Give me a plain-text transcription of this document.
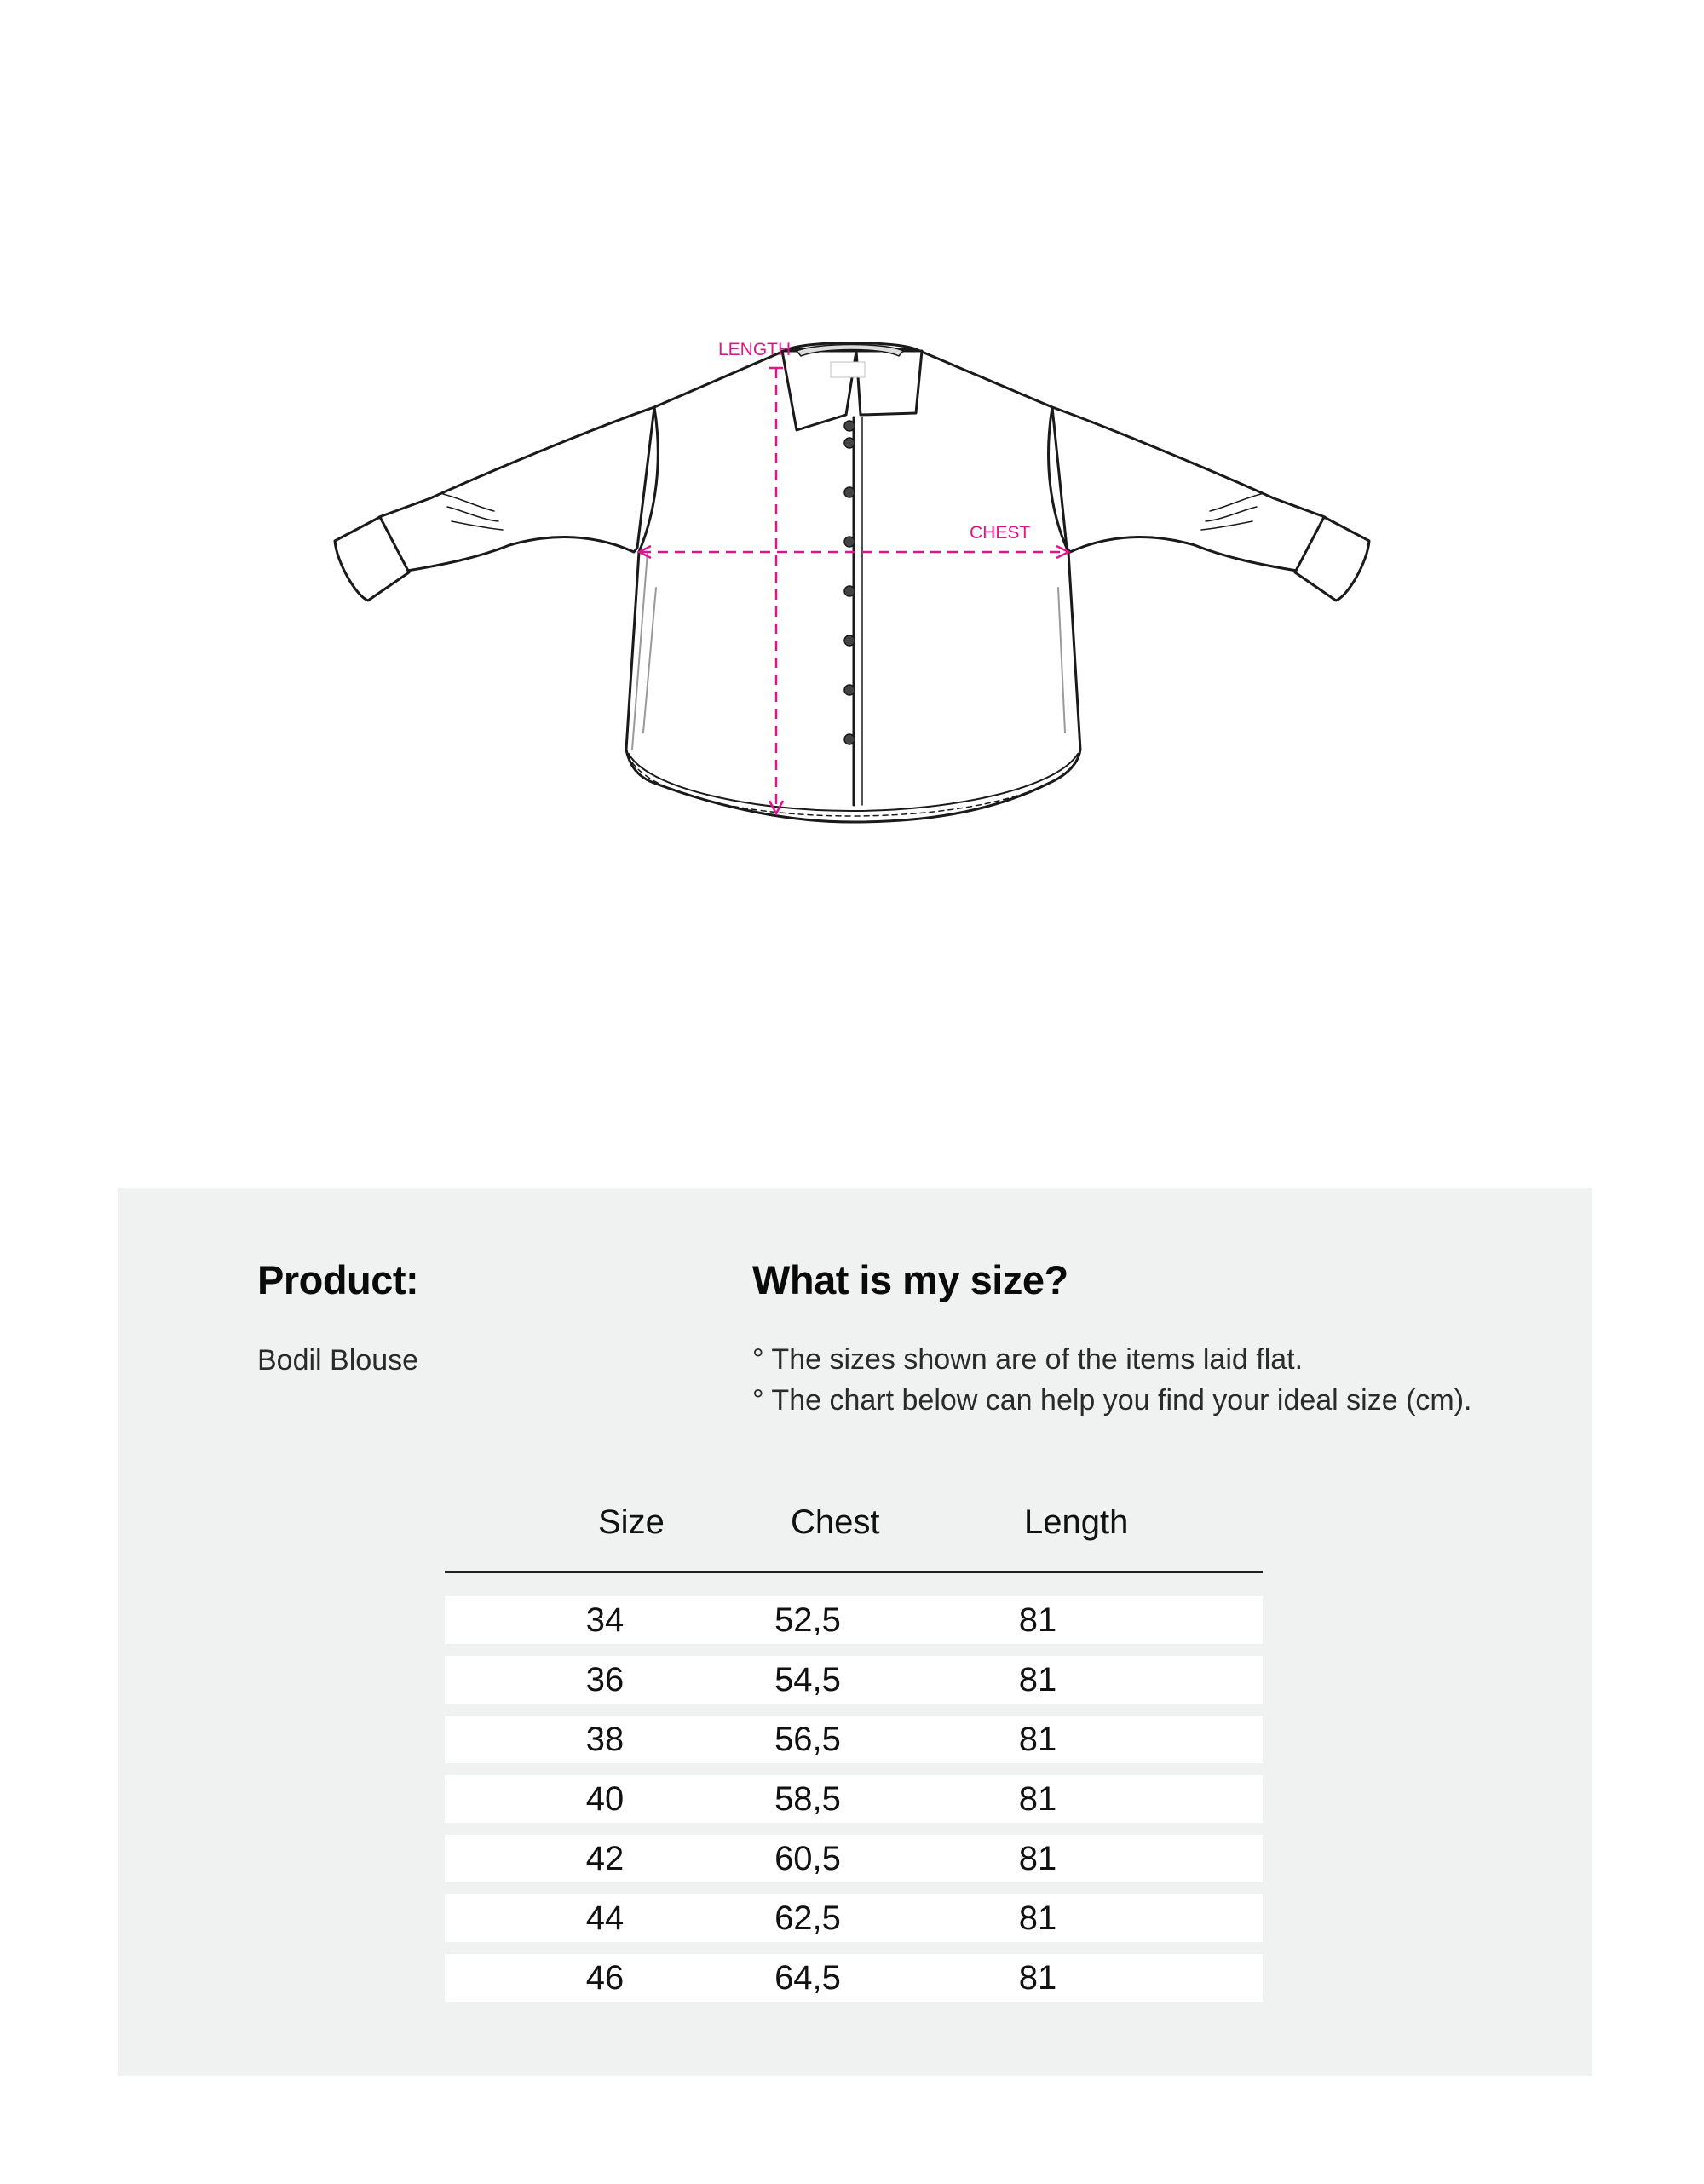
LENGTH
CHEST
Product:
Bodil Blouse
What is my size?
° The sizes shown are of the items laid flat.
° The chart below can help you find your ideal size (cm).
Size	Chest	Length
34	52,5	81
36	54,5	81
38	56,5	81
40	58,5	81
42	60,5	81
44	62,5	81
46	64,5	81
